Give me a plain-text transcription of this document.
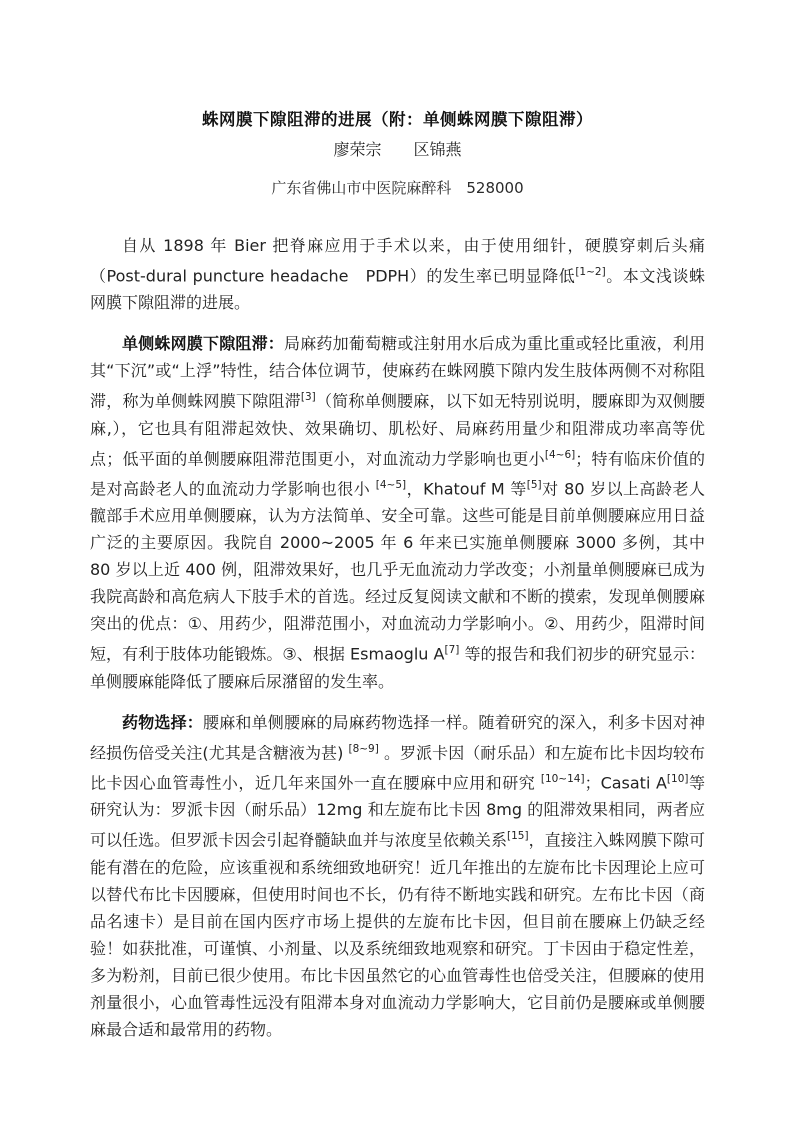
蛛网膜下隙阻滞的进展（附：单侧蛛网膜下隙阻滞）
廖荣宗　　区锦燕
广东省佛山市中医院麻醉科　528000

自从 1898 年 Bier 把脊麻应用于手术以来，由于使用细针，硬膜穿刺后头痛（Post-dural puncture headache　PDPH）的发生率已明显降低[1~2]。本文浅谈蛛网膜下隙阻滞的进展。

单侧蛛网膜下隙阻滞：局麻药加葡萄糖或注射用水后成为重比重或轻比重液，利用其“下沉”或“上浮”特性，结合体位调节，使麻药在蛛网膜下隙内发生肢体两侧不对称阻滞，称为单侧蛛网膜下隙阻滞[3]（简称单侧腰麻，以下如无特别说明，腰麻即为双侧腰麻,），它也具有阻滞起效快、效果确切、肌松好、局麻药用量少和阻滞成功率高等优点；低平面的单侧腰麻阻滞范围更小，对血流动力学影响也更小[4~6]；特有临床价值的是对高龄老人的血流动力学影响也很小 [4~5]，Khatouf M 等[5]对 80 岁以上高龄老人髋部手术应用单侧腰麻，认为方法简单、安全可靠。这些可能是目前单侧腰麻应用日益广泛的主要原因。我院自 2000~2005 年 6 年来已实施单侧腰麻 3000 多例，其中 80 岁以上近 400 例，阻滞效果好，也几乎无血流动力学改变；小剂量单侧腰麻已成为我院高龄和高危病人下肢手术的首选。经过反复阅读文献和不断的摸索，发现单侧腰麻突出的优点：①、用药少，阻滞范围小，对血流动力学影响小。②、用药少，阻滞时间短，有利于肢体功能锻炼。③、根据 Esmaoglu A[7] 等的报告和我们初步的研究显示：单侧腰麻能降低了腰麻后尿潴留的发生率。

药物选择：腰麻和单侧腰麻的局麻药物选择一样。随着研究的深入，利多卡因对神经损伤倍受关注(尤其是含糖液为甚) [8~9] 。罗派卡因（耐乐品）和左旋布比卡因均较布比卡因心血管毒性小，近几年来国外一直在腰麻中应用和研究 [10~14]；Casati A[10]等研究认为：罗派卡因（耐乐品）12mg 和左旋布比卡因 8mg 的阻滞效果相同，两者应可以任选。但罗派卡因会引起脊髓缺血并与浓度呈依赖关系[15]，直接注入蛛网膜下隙可能有潜在的危险，应该重视和系统细致地研究！近几年推出的左旋布比卡因理论上应可以替代布比卡因腰麻，但使用时间也不长，仍有待不断地实践和研究。左布比卡因（商品名速卡）是目前在国内医疗市场上提供的左旋布比卡因，但目前在腰麻上仍缺乏经验！如获批准，可谨慎、小剂量、以及系统细致地观察和研究。丁卡因由于稳定性差，多为粉剂，目前已很少使用。布比卡因虽然它的心血管毒性也倍受关注，但腰麻的使用剂量很小，心血管毒性远没有阻滞本身对血流动力学影响大，它目前仍是腰麻或单侧腰麻最合适和最常用的药物。
